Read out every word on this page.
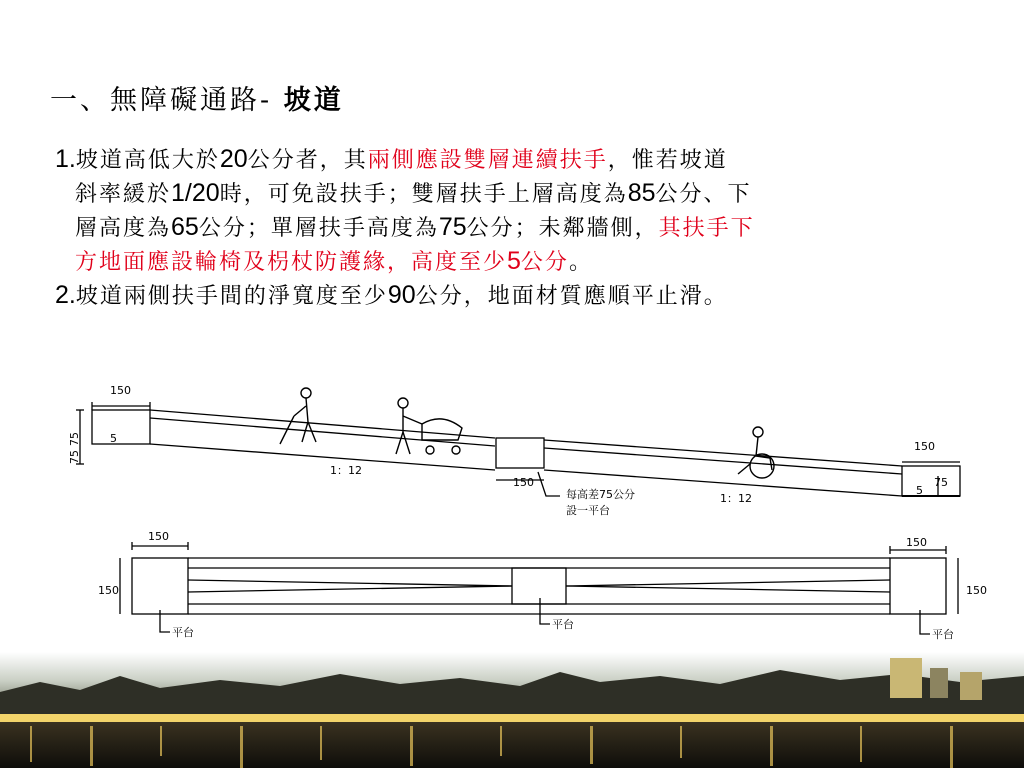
一、無障礙通路- 坡道
1.坡道高低大於20公分者，其兩側應設雙層連續扶手，惟若坡道
斜率緩於1/20時，可免設扶手；雙層扶手上層高度為85公分、下
層高度為65公分；單層扶手高度為75公分；未鄰牆側，其扶手下
方地面應設輪椅及枴杖防護緣，高度至少5公分。
2.坡道兩側扶手間的淨寬度至少90公分，地面材質應順平止滑。
150
75
75
5
1：12
150
每高差75公分
設一平台
1：12
150
75
5
150
150
150
150
平台
平台
平台
